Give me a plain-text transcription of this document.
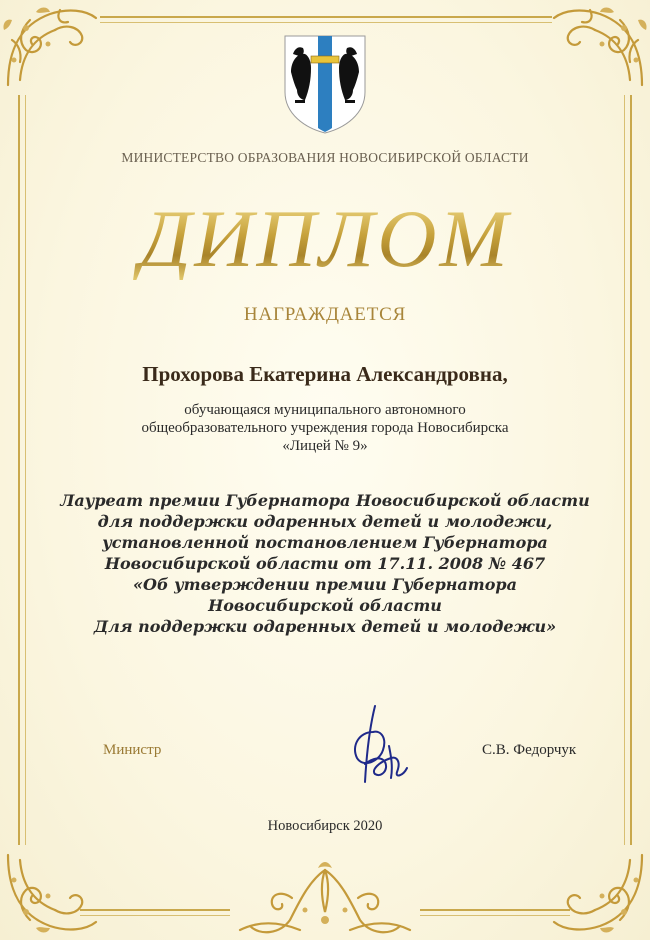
МИНИСТЕРСТВО ОБРАЗОВАНИЯ НОВОСИБИРСКОЙ ОБЛАСТИ
ДИПЛОМ
НАГРАЖДАЕТСЯ
Прохорова Екатерина Александровна,
обучающаяся муниципального автономного
общеобразовательного учреждения города Новосибирска
«Лицей № 9»
Лауреат премии Губернатора Новосибирской области
для поддержки одаренных детей и молодежи,
установленной постановлением Губернатора
Новосибирской области от 17.11. 2008 № 467
«Об утверждении премии Губернатора
Новосибирской области
Для поддержки одаренных детей и молодежи»
Министр	С.В. Федорчук
Новосибирск 2020
